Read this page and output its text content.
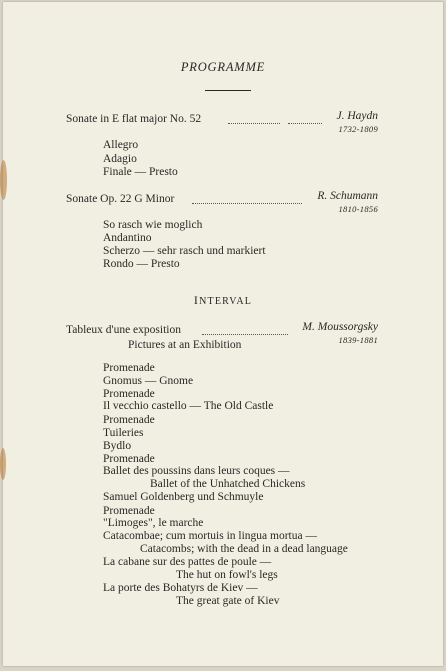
PROGRAMME
Sonate in E flat major No. 52	J. Haydn
1732-1809
Allegro
Adagio
Finale — Presto
Sonate Op. 22 G Minor	R. Schumann
1810-1856
So rasch wie moglich
Andantino
Scherzo — sehr rasch und markiert
Rondo — Presto
INTERVAL
Tableux d'une exposition	M. Moussorgsky
1839-1881
Pictures at an Exhibition
Promenade
Gnomus — Gnome
Promenade
Il vecchio castello — The Old Castle
Promenade
Tuileries
Bydlo
Promenade
Ballet des poussins dans leurs coques —
Ballet of the Unhatched Chickens
Samuel Goldenberg und Schmuyle
Promenade
"Limoges", le marche
Catacombae; cum mortuis in lingua mortua —
Catacombs; with the dead in a dead language
La cabane sur des pattes de poule —
The hut on fowl's legs
La porte des Bohatyrs de Kiev —
The great gate of Kiev
